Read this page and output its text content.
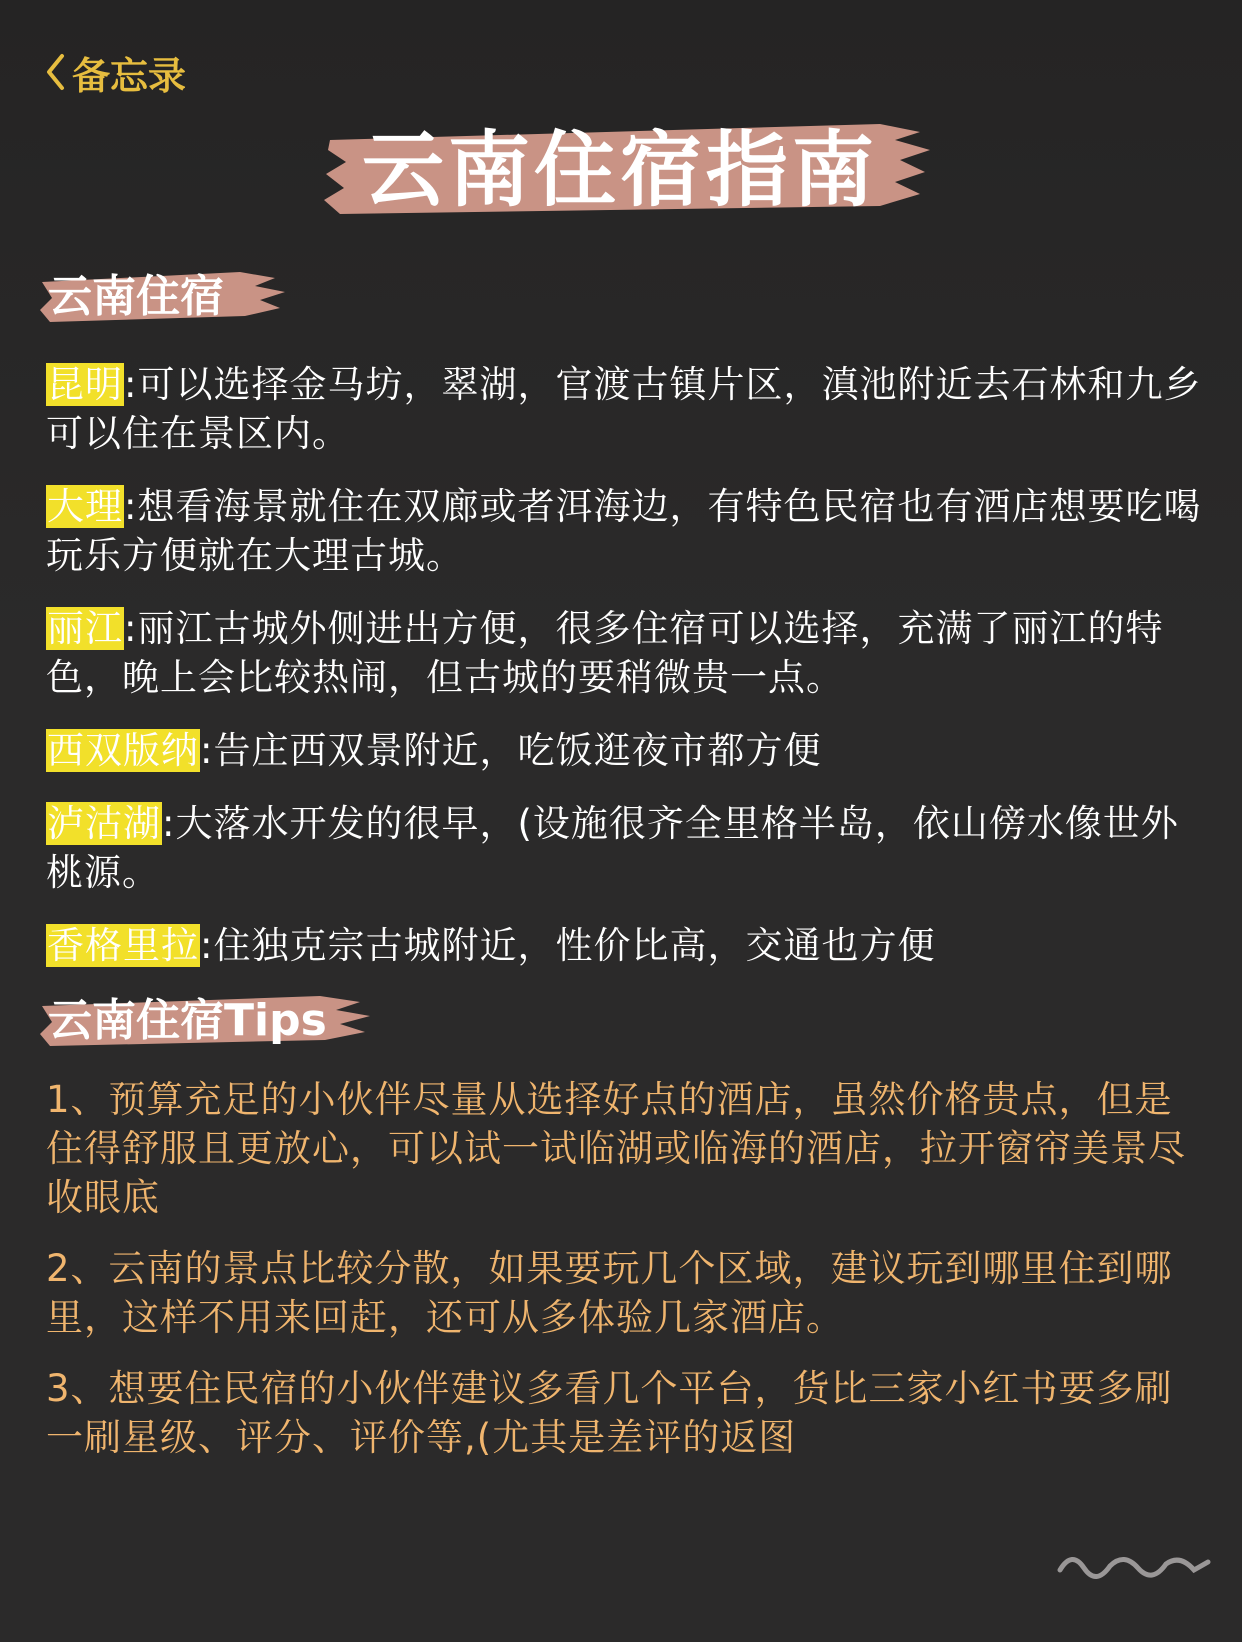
备忘录
云南住宿指南
云南住宿
昆明:可以选择金马坊，翠湖，官渡古镇片区，滇池附近去石林和九乡可以住在景区内。
大理:想看海景就住在双廊或者洱海边，有特色民宿也有酒店想要吃喝玩乐方便就在大理古城。
丽江:丽江古城外侧进出方便，很多住宿可以选择，充满了丽江的特色，晚上会比较热闹，但古城的要稍微贵一点。
西双版纳:告庄西双景附近，吃饭逛夜市都方便
泸沽湖:大落水开发的很早，(设施很齐全里格半岛，依山傍水像世外桃源。
香格里拉:住独克宗古城附近，性价比高，交通也方便
云南住宿Tips
1、预算充足的小伙伴尽量从选择好点的酒店，虽然价格贵点，但是住得舒服且更放心，可以试一试临湖或临海的酒店，拉开窗帘美景尽收眼底
2、云南的景点比较分散，如果要玩几个区域，建议玩到哪里住到哪里，这样不用来回赶，还可从多体验几家酒店。
3、想要住民宿的小伙伴建议多看几个平台，货比三家小红书要多刷一刷星级、评分、评价等,(尤其是差评的返图
